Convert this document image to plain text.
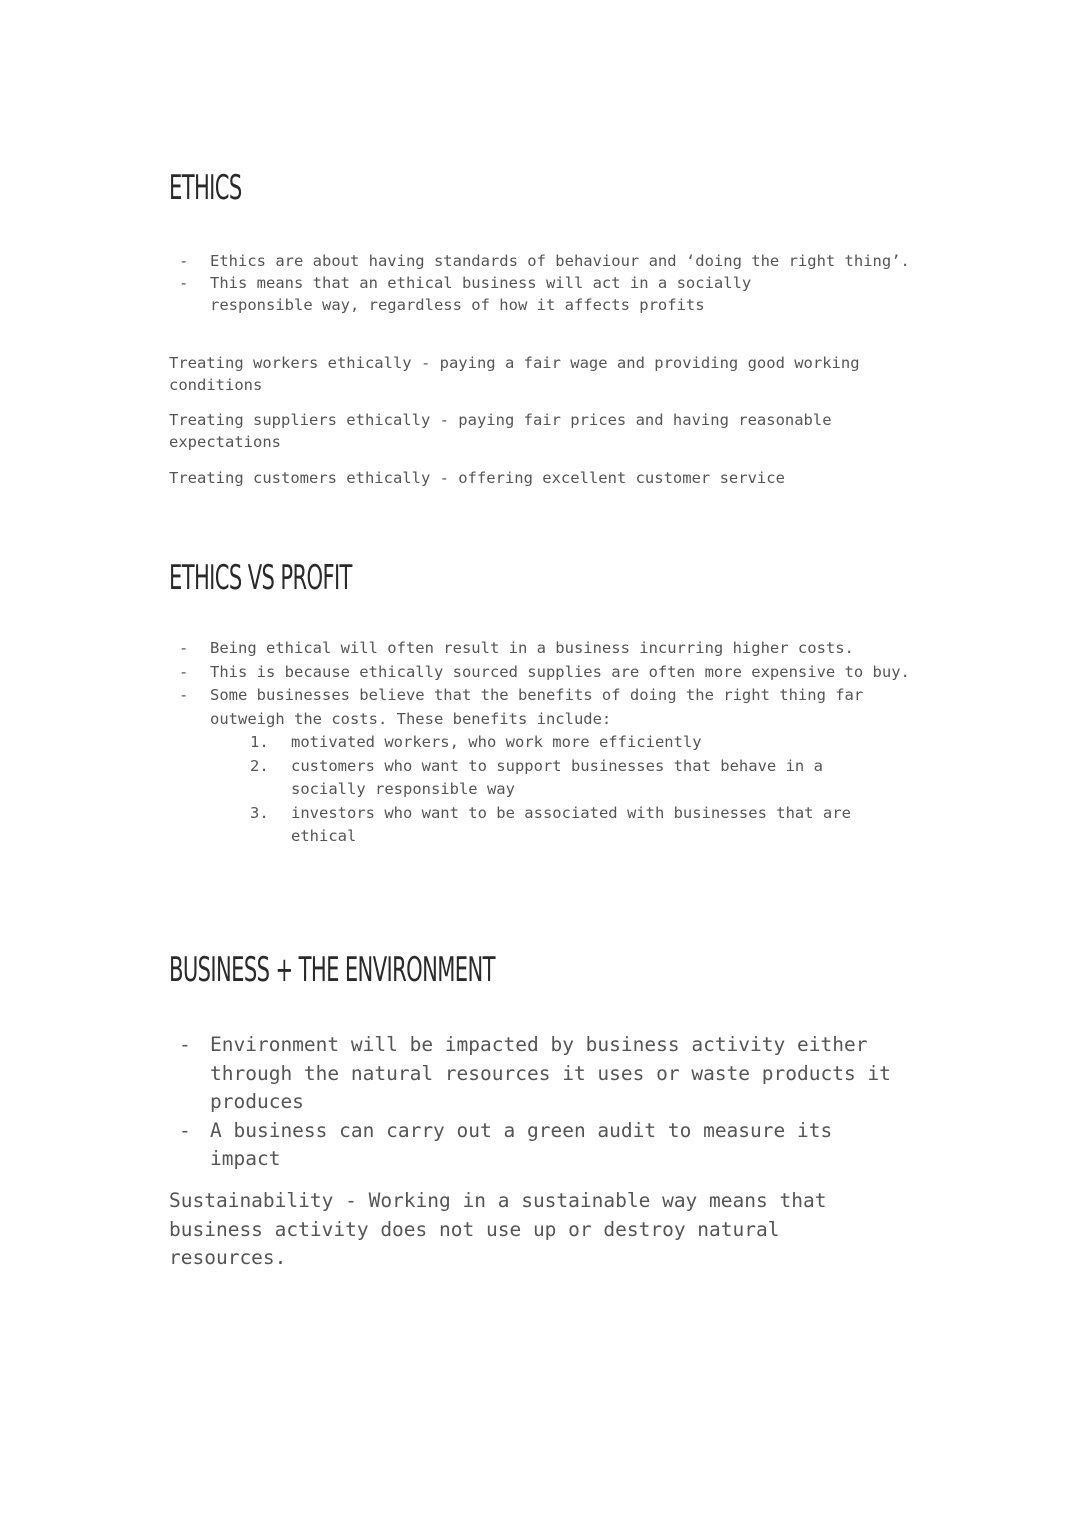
ETHICS
- Ethics are about having standards of behaviour and ‘doing the right thing’.
- This means that an ethical business will act in a socially responsible way, regardless of how it affects profits

Treating workers ethically - paying a fair wage and providing good working conditions

Treating suppliers ethically - paying fair prices and having reasonable expectations

Treating customers ethically - offering excellent customer service

ETHICS VS PROFIT
- Being ethical will often result in a business incurring higher costs.
- This is because ethically sourced supplies are often more expensive to buy.
- Some businesses believe that the benefits of doing the right thing far outweigh the costs. These benefits include:
1. motivated workers, who work more efficiently
2. customers who want to support businesses that behave in a socially responsible way
3. investors who want to be associated with businesses that are ethical
BUSINESS + THE ENVIRONMENT
- Environment will be impacted by business activity either through the natural resources it uses or waste products it produces
- A business can carry out a green audit to measure its impact

Sustainability - Working in a sustainable way means that business activity does not use up or destroy natural resources.
